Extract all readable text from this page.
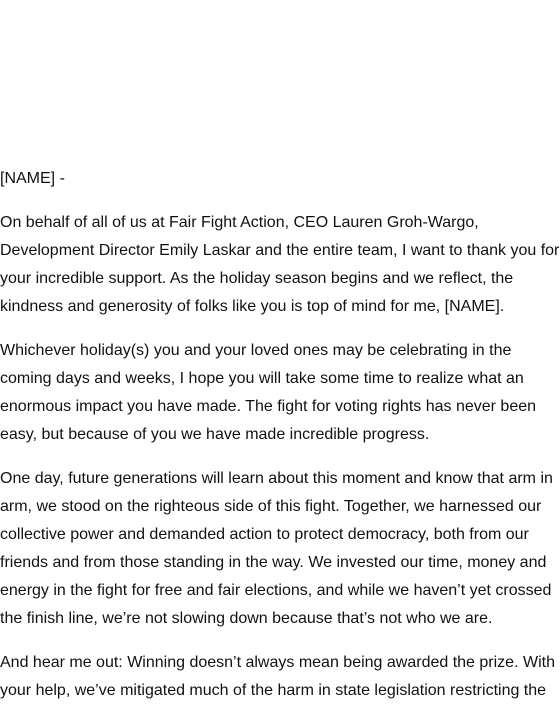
[NAME] -

On behalf of all of us at Fair Fight Action, CEO Lauren Groh-Wargo, Development Director Emily Laskar and the entire team, I want to thank you for your incredible support. As the holiday season begins and we reflect, the kindness and generosity of folks like you is top of mind for me, [NAME].

Whichever holiday(s) you and your loved ones may be celebrating in the coming days and weeks, I hope you will take some time to realize what an enormous impact you have made. The fight for voting rights has never been easy, but because of you we have made incredible progress.

One day, future generations will learn about this moment and know that arm in arm, we stood on the righteous side of this fight. Together, we harnessed our collective power and demanded action to protect democracy, both from our friends and from those standing in the way. We invested our time, money and energy in the fight for free and fair elections, and while we haven’t yet crossed the finish line, we’re not slowing down because that’s not who we are.

And hear me out: Winning doesn’t always mean being awarded the prize. With your help, we’ve mitigated much of the harm in state legislation restricting the
